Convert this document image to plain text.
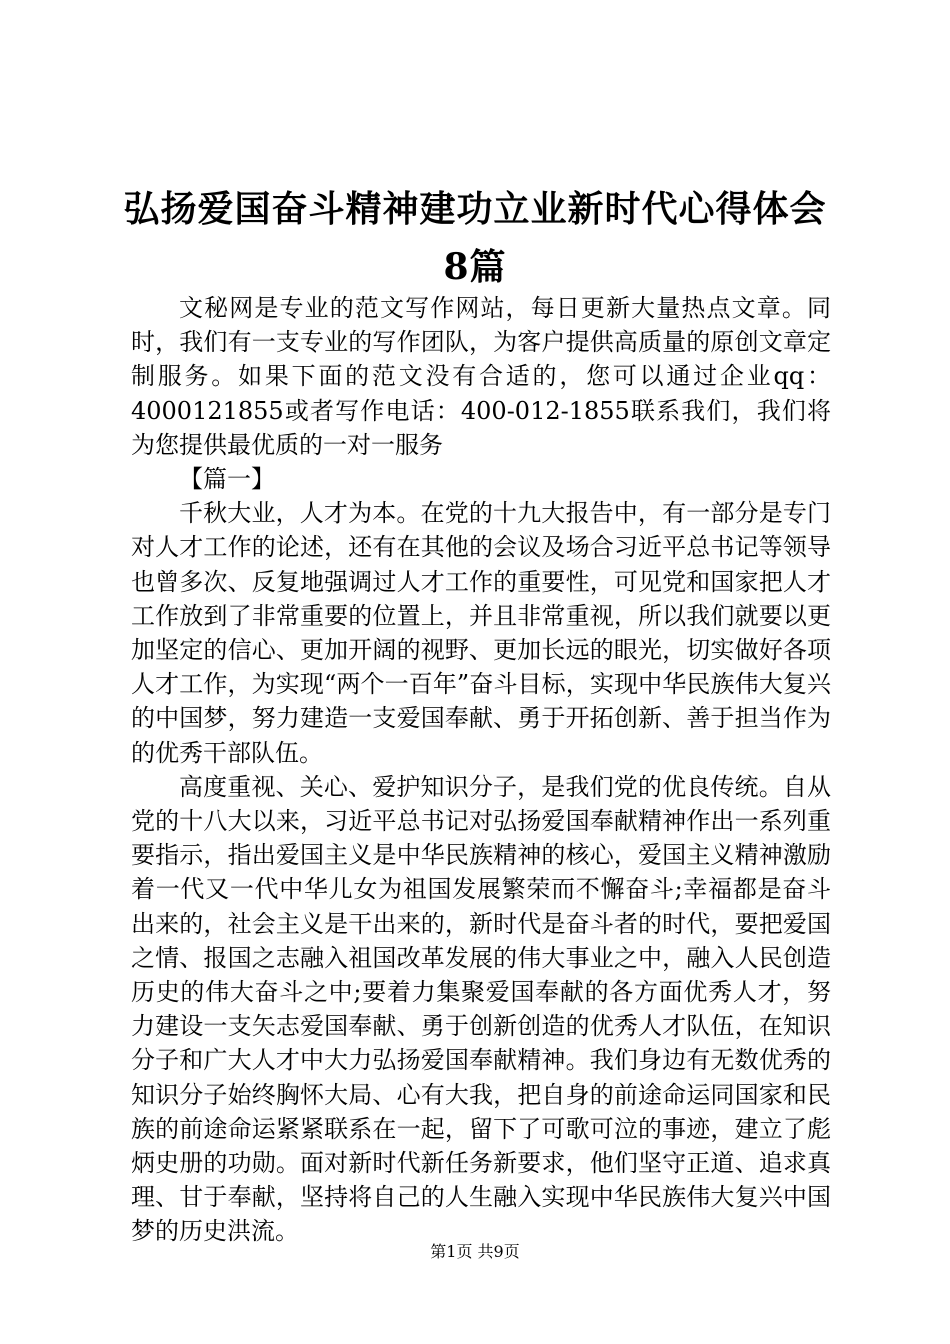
弘扬爱国奋斗精神建功立业新时代心得体会8篇

文秘网是专业的范文写作网站，每日更新大量热点文章。同时，我们有一支专业的写作团队，为客户提供高质量的原创文章定制服务。如果下面的范文没有合适的，您可以通过企业qq：4000121855或者写作电话：400-012-1855联系我们，我们将为您提供最优质的一对一服务

【篇一】

千秋大业，人才为本。在党的十九大报告中，有一部分是专门对人才工作的论述，还有在其他的会议及场合习近平总书记等领导也曾多次、反复地强调过人才工作的重要性，可见党和国家把人才工作放到了非常重要的位置上，并且非常重视，所以我们就要以更加坚定的信心、更加开阔的视野、更加长远的眼光，切实做好各项人才工作，为实现“两个一百年”奋斗目标，实现中华民族伟大复兴的中国梦，努力建造一支爱国奉献、勇于开拓创新、善于担当作为的优秀干部队伍。

高度重视、关心、爱护知识分子，是我们党的优良传统。自从党的十八大以来，习近平总书记对弘扬爱国奉献精神作出一系列重要指示，指出爱国主义是中华民族精神的核心，爱国主义精神激励着一代又一代中华儿女为祖国发展繁荣而不懈奋斗;幸福都是奋斗出来的，社会主义是干出来的，新时代是奋斗者的时代，要把爱国之情、报国之志融入祖国改革发展的伟大事业之中，融入人民创造历史的伟大奋斗之中;要着力集聚爱国奉献的各方面优秀人才，努力建设一支矢志爱国奉献、勇于创新创造的优秀人才队伍，在知识分子和广大人才中大力弘扬爱国奉献精神。我们身边有无数优秀的知识分子始终胸怀大局、心有大我，把自身的前途命运同国家和民族的前途命运紧紧联系在一起，留下了可歌可泣的事迹，建立了彪炳史册的功勋。面对新时代新任务新要求，他们坚守正道、追求真理、甘于奉献，坚持将自己的人生融入实现中华民族伟大复兴中国梦的历史洪流。

第1页 共9页
